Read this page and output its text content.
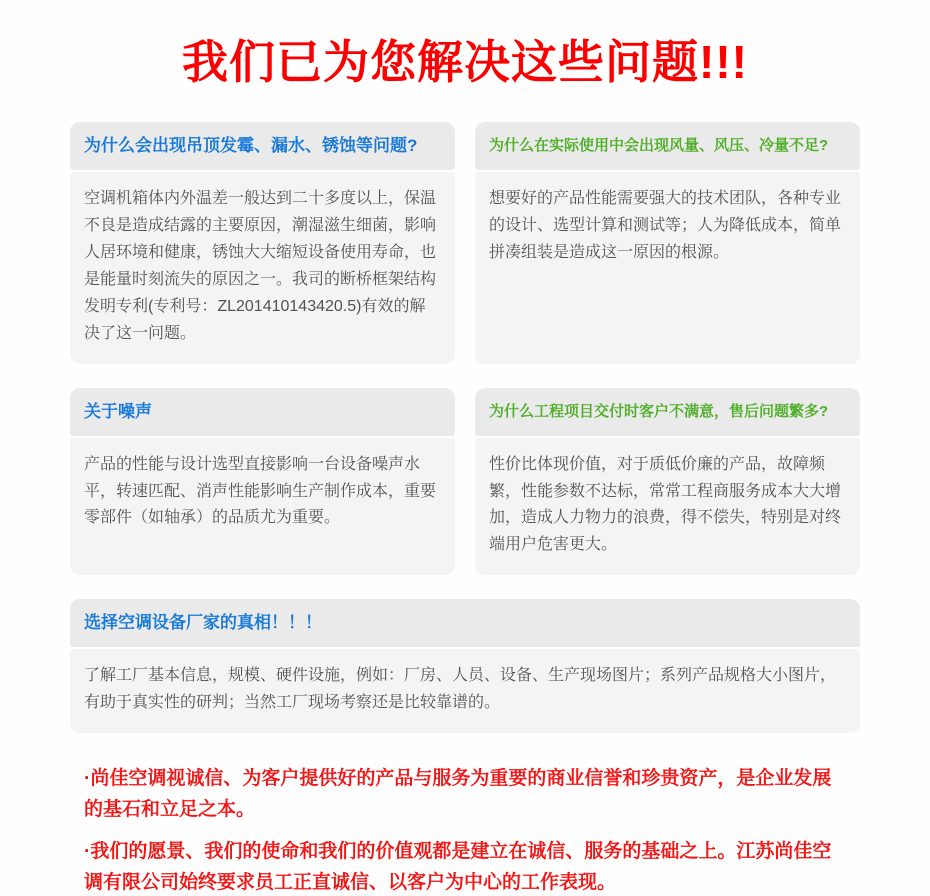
我们已为您解决这些问题!!!
为什么会出现吊顶发霉、漏水、锈蚀等问题?
空调机箱体内外温差一般达到二十多度以上，保温不良是造成结露的主要原因，潮湿滋生细菌，影响人居环境和健康，锈蚀大大缩短设备使用寿命，也是能量时刻流失的原因之一。我司的断桥框架结构发明专利(专利号：ZL201410143420.5)有效的解决了这一问题。
为什么在实际使用中会出现风量、风压、冷量不足?
想要好的产品性能需要强大的技术团队，各种专业的设计、选型计算和测试等；人为降低成本，简单拼凑组装是造成这一原因的根源。
关于噪声
产品的性能与设计选型直接影响一台设备噪声水平，转速匹配、消声性能影响生产制作成本，重要零部件（如轴承）的品质尤为重要。
为什么工程项目交付时客户不满意，售后问题繁多?
性价比体现价值，对于质低价廉的产品，故障频繁，性能参数不达标，常常工程商服务成本大大增加，造成人力物力的浪费，得不偿失，特别是对终端用户危害更大。
选择空调设备厂家的真相！！！
了解工厂基本信息，规模、硬件设施，例如：厂房、人员、设备、生产现场图片；系列产品规格大小图片，有助于真实性的研判；当然工厂现场考察还是比较靠谱的。

·尚佳空调视诚信、为客户提供好的产品与服务为重要的商业信誉和珍贵资产，是企业发展的基石和立足之本。

·我们的愿景、我们的使命和我们的价值观都是建立在诚信、服务的基础之上。江苏尚佳空调有限公司始终要求员工正直诚信、以客户为中心的工作表现。
